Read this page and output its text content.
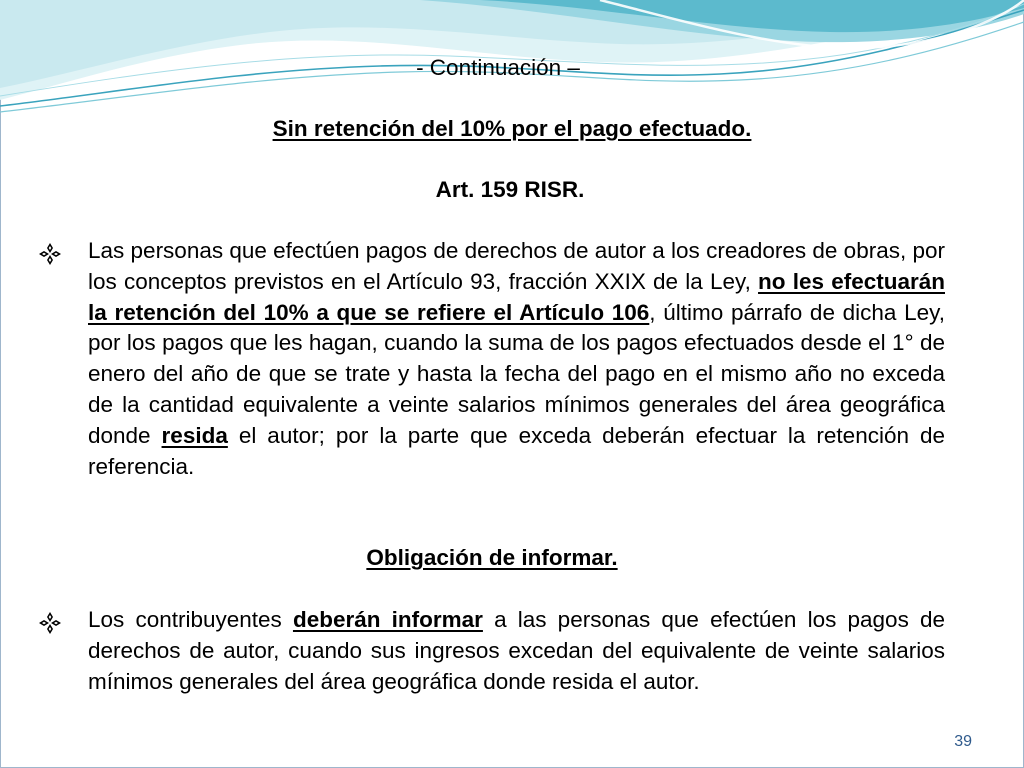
- Continuación –
Sin retención del 10% por el pago efectuado.
Art. 159 RISR.
Las personas que efectúen pagos de derechos de autor a los creadores de obras, por los conceptos previstos en el Artículo 93, fracción XXIX de la Ley, no les efectuarán la retención del 10% a que se refiere el Artículo 106, último párrafo de dicha Ley, por los pagos que les hagan, cuando la suma de los pagos efectuados desde el 1° de enero del año de que se trate y hasta la fecha del pago en el mismo año no exceda de la cantidad equivalente a veinte salarios mínimos generales del área geográfica donde resida el autor; por la parte que exceda deberán efectuar la retención de referencia.
Obligación de informar.
Los contribuyentes deberán informar a las personas que efectúen los pagos de derechos de autor, cuando sus ingresos excedan del equivalente de veinte salarios mínimos generales del área geográfica donde resida el autor.
39
